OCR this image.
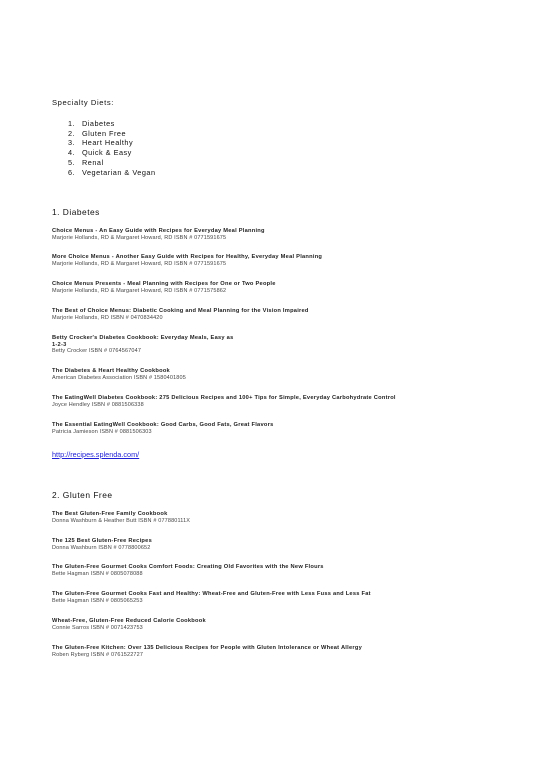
Specialty Diets:
1. Diabetes
2. Gluten Free
3. Heart Healthy
4. Quick & Easy
5. Renal
6. Vegetarian & Vegan
1. Diabetes
Choice Menus - An Easy Guide with Recipes for Everyday Meal Planning
Marjorie Hollands, RD & Margaret Howard, RD ISBN # 0771591675
More Choice Menus - Another Easy Guide with Recipes for Healthy, Everyday Meal Planning
Marjorie Hollands, RD & Margaret Howard, RD ISBN # 0771591675
Choice Menus Presents - Meal Planning with Recipes for One or Two People
Marjorie Hollands, RD & Margaret Howard, RD ISBN # 0771575862
The Best of Choice Menus: Diabetic Cooking and Meal Planning for the Vision Impaired
Marjorie Hollands, RD ISBN # 0470834420
Betty Crocker's Diabetes Cookbook: Everyday Meals, Easy as
1-2-3
Betty Crocker ISBN # 0764567047
The Diabetes & Heart Healthy Cookbook
American Diabetes Association ISBN # 1580401805
The EatingWell Diabetes Cookbook: 275 Delicious Recipes and 100+ Tips for Simple, Everyday Carbohydrate Control
Joyce Hendley ISBN # 0881506338
The Essential EatingWell Cookbook: Good Carbs, Good Fats, Great Flavors
Patricia Jamieson ISBN # 0881506303
http://recipes.splenda.com/
2. Gluten Free
The Best Gluten-Free Family Cookbook
Donna Washburn & Heather Butt ISBN # 077880111X
The 125 Best Gluten-Free Recipes
Donna Washburn ISBN # 0778800652
The Gluten-Free Gourmet Cooks Comfort Foods: Creating Old Favorites with the New Flours
Bette Hagman ISBN # 0805078088
The Gluten-Free Gourmet Cooks Fast and Healthy: Wheat-Free and Gluten-Free with Less Fuss and Less Fat
Bette Hagman ISBN # 0805065253
Wheat-Free, Gluten-Free Reduced Calorie Cookbook
Connie Sarros ISBN # 0071423753
The Gluten-Free Kitchen: Over 135 Delicious Recipes for People with Gluten Intolerance or Wheat Allergy
Roben Ryberg ISBN # 0761522727
